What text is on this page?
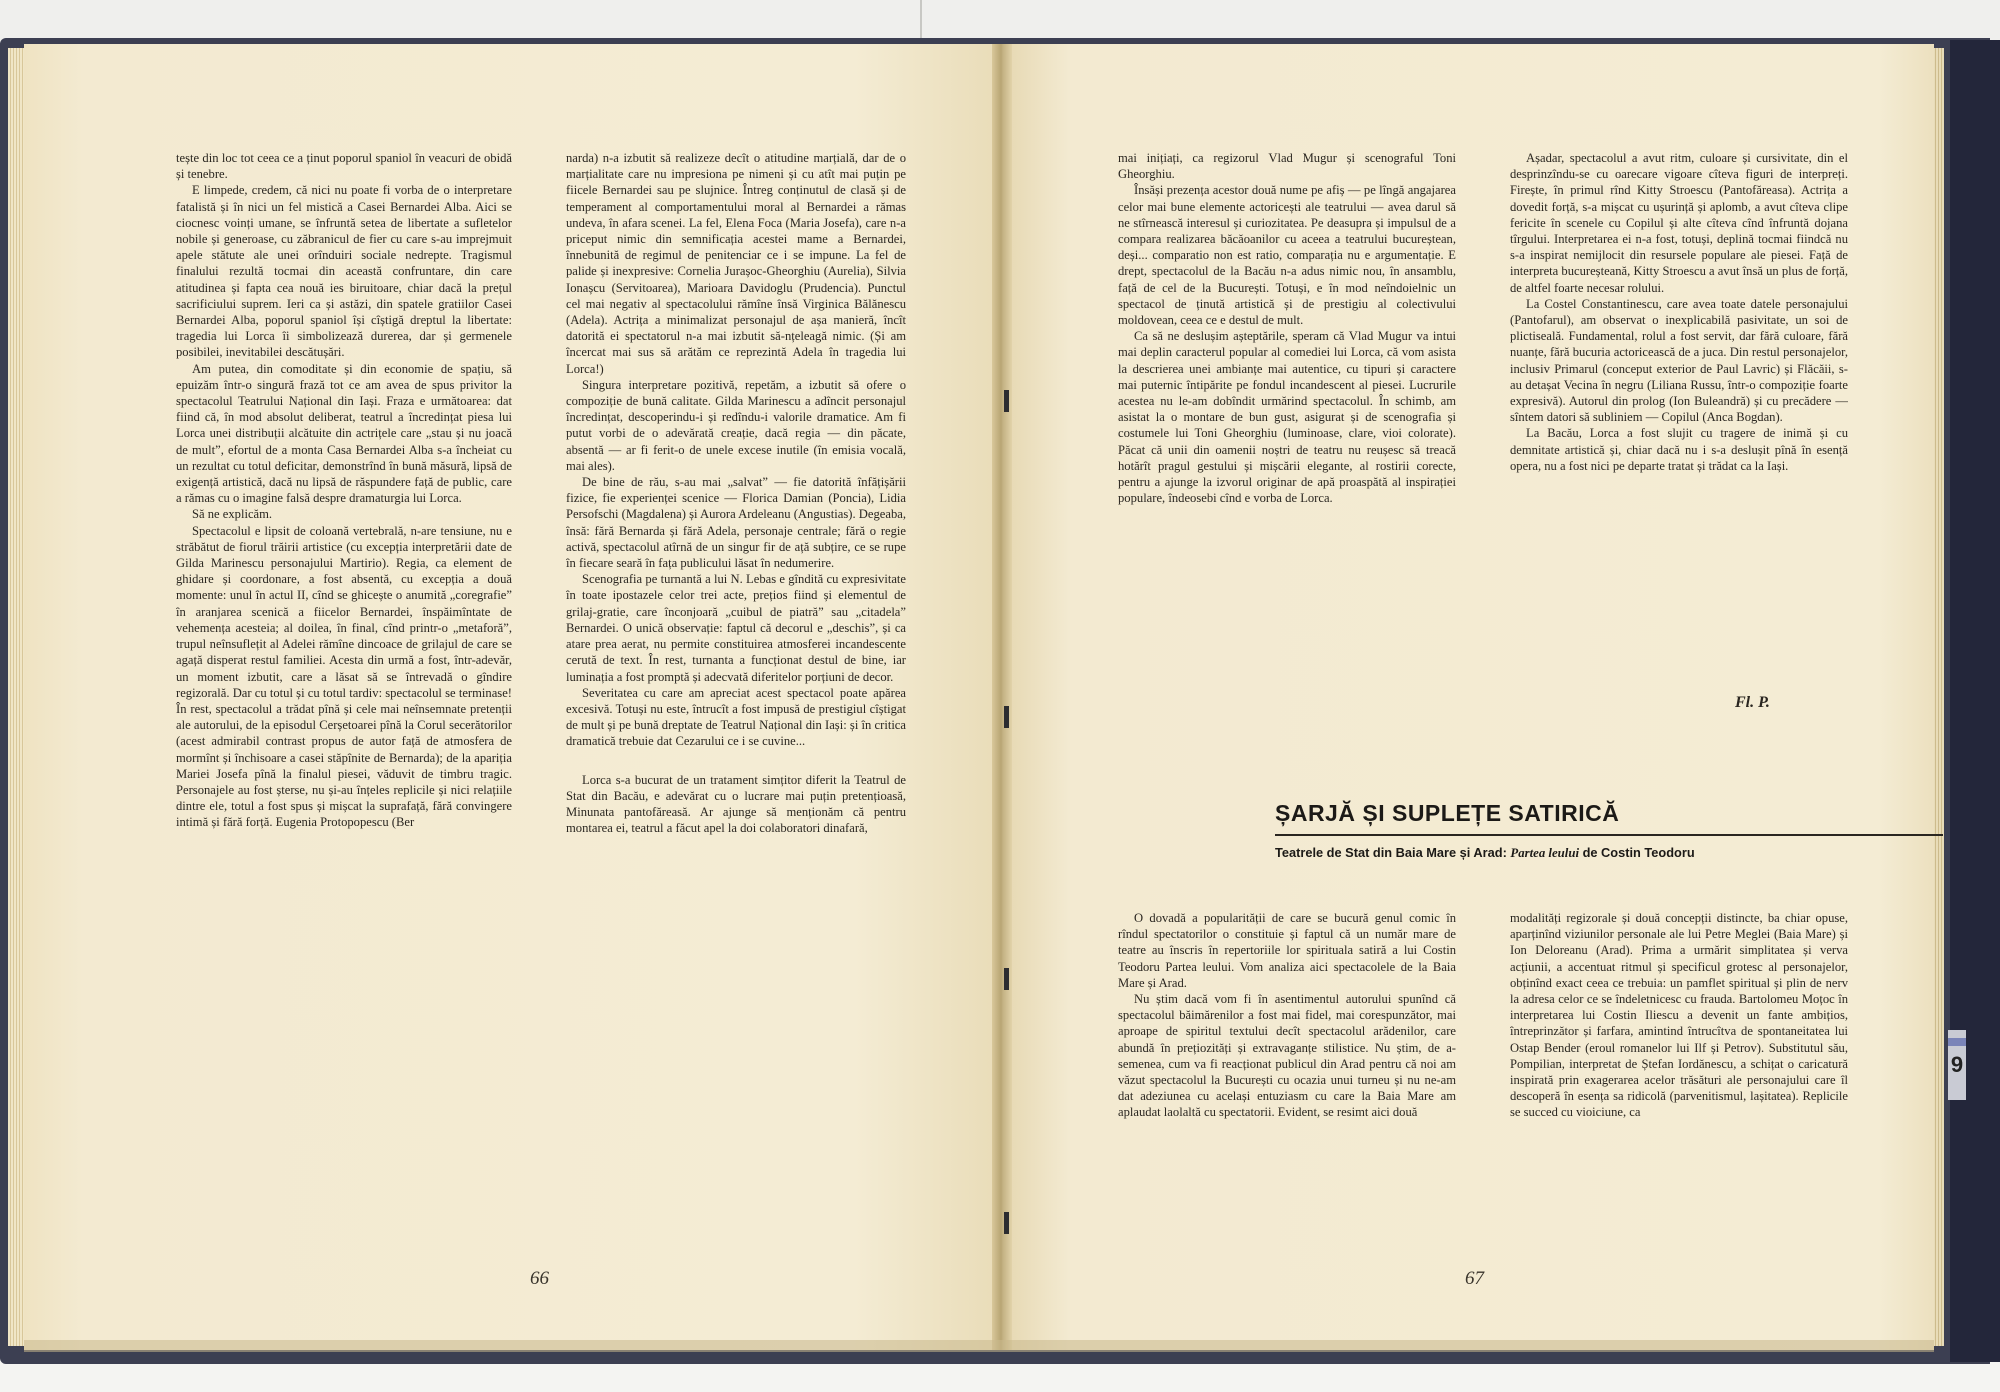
9

tește din loc tot ceea ce a ținut poporul spaniol în veacuri de obidă și tenebre.

E limpede, credem, că nici nu poate fi vorba de o interpretare fatalistă și în nici un fel mistică a Casei Bernardei Alba. Aici se ciocnesc voinți umane, se înfruntă setea de libertate a sufletelor nobile și generoase, cu zăbranicul de fier cu care s-au imprejmuit apele stătute ale unei orînduiri sociale nedrepte. Tragismul finalului rezultă tocmai din această confruntare, din care atitudinea și fapta cea nouă ies biruitoare, chiar dacă la prețul sacrificiului suprem. Ieri ca și astăzi, din spatele gratiilor Casei Bernardei Alba, poporul spaniol își cîștigă dreptul la libertate: tragedia lui Lorca îi simbolizează durerea, dar și germenele posibilei, inevitabilei descătușări.

Am putea, din comoditate și din economie de spațiu, să epuizăm într-o singură frază tot ce am avea de spus privitor la spectacolul Teatrului Național din Iași. Fraza e următoarea: dat fiind că, în mod absolut deliberat, teatrul a încredințat piesa lui Lorca unei distribuții alcătuite din actrițele care „stau și nu joacă de mult”, efortul de a monta Casa Bernardei Alba s-a încheiat cu un rezultat cu totul deficitar, demonstrînd în bună măsură, lipsă de exigență artistică, dacă nu lipsă de răspundere față de public, care a rămas cu o imagine falsă despre dramaturgia lui Lorca.

Să ne explicăm.

Spectacolul e lipsit de coloană vertebrală, n-are tensiune, nu e străbătut de fiorul trăirii artistice (cu excepția interpretării date de Gilda Marinescu personajului Martirio). Regia, ca element de ghidare și coordonare, a fost absentă, cu excepția a două momente: unul în actul II, cînd se ghicește o anumită „coregrafie” în aranjarea scenică a fiicelor Bernardei, înspăimîntate de vehemența acesteia; al doilea, în final, cînd printr-o „metaforă”, trupul neînsuflețit al Adelei rămîne dincoace de grilajul de care se agață disperat restul familiei. Acesta din urmă a fost, într-adevăr, un moment izbutit, care a lăsat să se întrevadă o gîndire regizorală. Dar cu totul și cu totul tardiv: spectacolul se terminase! În rest, spectacolul a trădat pînă și cele mai neînsemnate pretenții ale autorului, de la episodul Cerșetoarei pînă la Corul secerătorilor (acest admirabil contrast propus de autor față de atmosfera de mormînt și închisoare a casei stăpînite de Bernarda); de la apariția Mariei Josefa pînă la finalul piesei, văduvit de timbru tragic. Personajele au fost șterse, nu și-au înțeles replicile și nici relațiile dintre ele, totul a fost spus și mișcat la suprafață, fără convingere intimă și fără forță. Eugenia Protopopescu (Ber

narda) n-a izbutit să realizeze decît o atitudine marțială, dar de o marțialitate care nu impresiona pe nimeni și cu atît mai puțin pe fiicele Bernardei sau pe slujnice. Întreg conținutul de clasă și de temperament al comportamentului moral al Bernardei a rămas undeva, în afara scenei. La fel, Elena Foca (Maria Josefa), care n-a priceput nimic din semnificația acestei mame a Bernardei, înnebunită de regimul de penitenciar ce i se impune. La fel de palide și inexpresive: Cornelia Jurașoc-Gheorghiu (Aurelia), Silvia Ionașcu (Servitoarea), Marioara Davidoglu (Prudencia). Punctul cel mai negativ al spectacolului rămîne însă Virginica Bălănescu (Adela). Actrița a minimalizat personajul de așa manieră, încît datorită ei spectatorul n-a mai izbutit să-nțeleagă nimic. (Și am încercat mai sus să arătăm ce reprezintă Adela în tragedia lui Lorca!)

Singura interpretare pozitivă, repetăm, a izbutit să ofere o compoziție de bună calitate. Gilda Marinescu a adîncit personajul încredințat, descoperindu-i și redîndu-i valorile dramatice. Am fi putut vorbi de o adevărată creație, dacă regia — din păcate, absentă — ar fi ferit-o de unele excese inutile (în emisia vocală, mai ales).

De bine de rău, s-au mai „salvat” — fie datorită înfățișării fizice, fie experienței scenice — Florica Damian (Poncia), Lidia Persofschi (Magdalena) și Aurora Ardeleanu (Angustias). Degeaba, însă: fără Bernarda și fără Adela, personaje centrale; fără o regie activă, spectacolul atîrnă de un singur fir de ață subțire, ce se rupe în fiecare seară în fața publicului lăsat în nedumerire.

Scenografia pe turnantă a lui N. Lebas e gîndită cu expresivitate în toate ipostazele celor trei acte, prețios fiind și elementul de grilaj-gratie, care înconjoară „cuibul de piatră” sau „citadela” Bernardei. O unică observație: faptul că decorul e „deschis”, și ca atare prea aerat, nu permite constituirea atmosferei incandescente cerută de text. În rest, turnanta a funcționat destul de bine, iar luminația a fost promptă și adecvată diferitelor porțiuni de decor.

Severitatea cu care am apreciat acest spectacol poate apărea excesivă. Totuși nu este, întrucît a fost impusă de prestigiul cîștigat de mult și pe bună dreptate de Teatrul Național din Iași: și în critica dramatică trebuie dat Cezarului ce i se cuvine...

Lorca s-a bucurat de un tratament simțitor diferit la Teatrul de Stat din Bacău, e adevărat cu o lucrare mai puțin pretențioasă, Minunata pantofăreasă. Ar ajunge să menționăm că pentru montarea ei, teatrul a făcut apel la doi colaboratori dinafară,

66

mai inițiați, ca regizorul Vlad Mugur și scenograful Toni Gheorghiu.

Însăși prezența acestor două nume pe afiș — pe lîngă angajarea celor mai bune elemente actoricești ale teatrului — avea darul să ne stîrnească interesul și curiozitatea. Pe deasupra și impulsul de a compara realizarea băcăoanilor cu aceea a teatrului bucureștean, deși... comparatio non est ratio, comparația nu e argumentație. E drept, spectacolul de la Bacău n-a adus nimic nou, în ansamblu, față de cel de la București. Totuși, e în mod neîndoielnic un spectacol de ținută artistică și de prestigiu al colectivului moldovean, ceea ce e destul de mult.

Ca să ne deslușim așteptările, speram că Vlad Mugur va intui mai deplin caracterul popular al comediei lui Lorca, că vom asista la descrierea unei ambianțe mai autentice, cu tipuri și caractere mai puternic întipărite pe fondul incandescent al piesei. Lucrurile acestea nu le-am dobîndit urmărind spectacolul. În schimb, am asistat la o montare de bun gust, asigurat și de scenografia și costumele lui Toni Gheorghiu (luminoase, clare, vioi colorate). Păcat că unii din oamenii noștri de teatru nu reușesc să treacă hotărît pragul gestului și mișcării elegante, al rostirii corecte, pentru a ajunge la izvorul originar de apă proaspătă al inspirației populare, îndeosebi cînd e vorba de Lorca.

Așadar, spectacolul a avut ritm, culoare și cursivitate, din el desprinzîndu-se cu oarecare vigoare cîteva figuri de interpreți. Firește, în primul rînd Kitty Stroescu (Pantofăreasa). Actrița a dovedit forță, s-a mișcat cu ușurință și aplomb, a avut cîteva clipe fericite în scenele cu Copilul și alte cîteva cînd înfruntă dojana tîrgului. Interpretarea ei n-a fost, totuși, deplină tocmai fiindcă nu s-a inspirat nemijlocit din resursele populare ale piesei. Față de interpreta bucureșteană, Kitty Stroescu a avut însă un plus de forță, de altfel foarte necesar rolului.

La Costel Constantinescu, care avea toate datele personajului (Pantofarul), am observat o inexplicabilă pasivitate, un soi de plictiseală. Fundamental, rolul a fost servit, dar fără culoare, fără nuanțe, fără bucuria actoricească de a juca. Din restul personajelor, inclusiv Primarul (conceput exterior de Paul Lavric) și Flăcăii, s-au detașat Vecina în negru (Liliana Russu, într-o compoziție foarte expresivă). Autorul din prolog (Ion Buleandră) și cu precădere — sîntem datori să subliniem — Copilul (Anca Bogdan).

La Bacău, Lorca a fost slujit cu tragere de inimă și cu demnitate artistică și, chiar dacă nu i s-a deslușit pînă în esență opera, nu a fost nici pe departe tratat și trădat ca la Iași.

Fl. P.
ȘARJĂ ȘI SUPLEȚE SATIRICĂ
Teatrele de Stat din Baia Mare și Arad: Partea leului de Costin Teodoru

O dovadă a popularității de care se bucură genul comic în rîndul spectatorilor o constituie și faptul că un număr mare de teatre au înscris în repertoriile lor spirituala satiră a lui Costin Teodoru Partea leului. Vom analiza aici spectacolele de la Baia Mare și Arad.

Nu știm dacă vom fi în asentimentul autorului spunînd că spectacolul băimărenilor a fost mai fidel, mai corespunzător, mai aproape de spiritul textului decît spectacolul arădenilor, care abundă în prețiozități și extravaganțe stilistice. Nu știm, de asemenea, cum va fi reacționat publicul din Arad pentru că noi am văzut spectacolul la București cu ocazia unui turneu și nu ne-am dat adeziunea cu același entuziasm cu care la Baia Mare am aplaudat laolaltă cu spectatorii. Evident, se resimt aici două

modalități regizorale și două concepții distincte, ba chiar opuse, aparținînd viziunilor personale ale lui Petre Meglei (Baia Mare) și Ion Deloreanu (Arad). Prima a urmărit simplitatea și verva acțiunii, a accentuat ritmul și specificul grotesc al personajelor, obținînd exact ceea ce trebuia: un pamflet spiritual și plin de nerv la adresa celor ce se îndeletnicesc cu frauda. Bartolomeu Moțoc în interpretarea lui Costin Iliescu a devenit un fante ambițios, întreprinzător și farfara, amintind întrucîtva de spontaneitatea lui Ostap Bender (eroul romanelor lui Ilf și Petrov). Substitutul său, Pompilian, interpretat de Ștefan Iordănescu, a schițat o caricatură inspirată prin exagerarea acelor trăsături ale personajului care îl descoperă în esența sa ridicolă (parvenitismul, lașitatea). Replicile se succed cu vioiciune, ca

67
